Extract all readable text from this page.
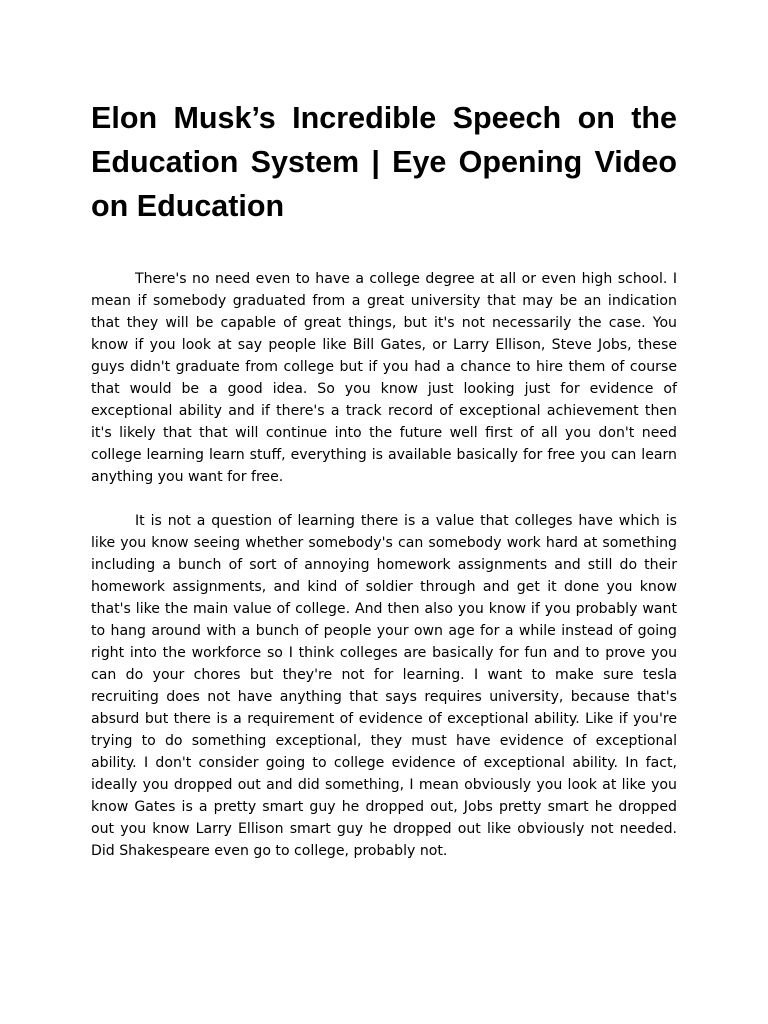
Elon Musk’s Incredible Speech on the Education System | Eye Opening Video on Education

There's no need even to have a college degree at all or even high school. I mean if somebody graduated from a great university that may be an indication that they will be capable of great things, but it's not necessarily the case. You know if you look at say people like Bill Gates, or Larry Ellison, Steve Jobs, these guys didn't graduate from college but if you had a chance to hire them of course that would be a good idea. So you know just looking just for evidence of exceptional ability and if there's a track record of exceptional achievement then it's likely that that will continue into the future well first of all you don't need college learning learn stuff, everything is available basically for free you can learn anything you want for free.

It is not a question of learning there is a value that colleges have which is like you know seeing whether somebody's can somebody work hard at something including a bunch of sort of annoying homework assignments and still do their homework assignments, and kind of soldier through and get it done you know that's like the main value of college. And then also you know if you probably want to hang around with a bunch of people your own age for a while instead of going right into the workforce so I think colleges are basically for fun and to prove you can do your chores but they're not for learning. I want to make sure tesla recruiting does not have anything that says requires university, because that's absurd but there is a requirement of evidence of exceptional ability. Like if you're trying to do something exceptional, they must have evidence of exceptional ability. I don't consider going to college evidence of exceptional ability. In fact, ideally you dropped out and did something, I mean obviously you look at like you know Gates is a pretty smart guy he dropped out, Jobs pretty smart he dropped out you know Larry Ellison smart guy he dropped out like obviously not needed. Did Shakespeare even go to college, probably not.
